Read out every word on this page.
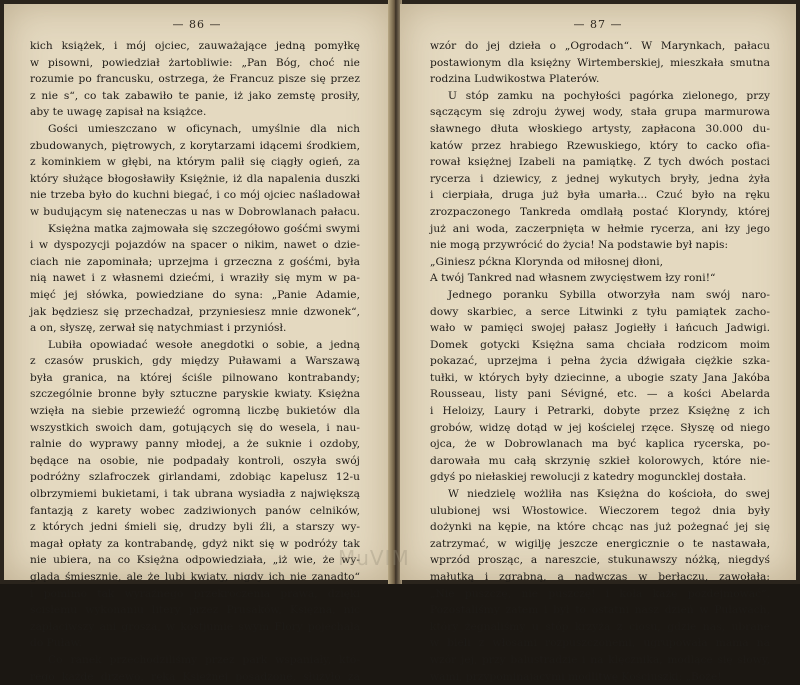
— 86 —
kich książek, i mój ojciec, zauważające jedną pomyłkę
w pisowni, powiedział żartobliwie: „Pan Bóg, choć nie
rozumie po francusku, ostrzega, że Francuz pisze się przez
z nie s“, co tak zabawiło te panie, iż jako zemstę prosiły,
aby te uwagę zapisał na książce.
Gości umieszczano w oficynach, umyślnie dla nich
zbudowanych, piętrowych, z korytarzami idącemi środkiem,
z kominkiem w głębi, na którym palił się ciągły ogień, za
który służące błogosławiły Księżnie, iż dla napalenia duszki
nie trzeba było do kuchni biegać, i co mój ojciec naśladował
w budującym się nateneczas u nas w Dobrowlanach pałacu.
Księżna matka zajmowała się szczegółowo gośćmi swymi
i w dyspozycji pojazdów na spacer o nikim, nawet o dzie-
ciach nie zapominała; uprzejma i grzeczna z gośćmi, była
nią nawet i z własnemi dziećmi, i wraziły się mym w pa-
mięć jej słówka, powiedziane do syna: „Panie Adamie,
jak będziesz się przechadzał, przyniesiesz mnie dzwonek“,
a on, słyszę, zerwał się natychmiast i przyniósł.
Lubiła opowiadać wesołe anegdotki o sobie, a jedną
z czasów pruskich, gdy między Puławami a Warszawą
była granica, na której ściśle pilnowano kontrabandy;
szczególnie bronne były sztuczne paryskie kwiaty. Księżna
wzięła na siebie przewieźć ogromną liczbę bukietów dla
wszystkich swoich dam, gotujących się do wesela, i nau-
ralnie do wyprawy panny młodej, a że suknie i ozdoby,
będące na osobie, nie podpadały kontroli, oszyła swój
podróżny szlafroczek girlandami, zdobiąc kapelusz 12-u
olbrzymiemi bukietami, i tak ubrana wysiadła z największą
fantazją z karety wobec zadziwionych panów celników,
z których jedni śmieli się, drudzy byli źli, a starszy wy-
magał opłaty za kontrabandę, gdyż nikt się w podróży tak
nie ubiera, na co Księżna odpowiedziała, „iż wie, że wy-
gląda śmiesznie, ale że lubi kwiaty, nigdy ich nie zanadto“
i pomimo tak wyraźnego przekroczenia prawa, dzięki
ścisłemu wykonaniu litery przez Prusaków, Księżna, nic
zapłaciwszy ani grosza, w kostjumie swym Flory pojechała
do Puław.
Co ranek przechodziliśmy przez park wspaniały, któ-
rego każde drzewo, ręką Księżnej posadzone, służyło za
— 87 —
wzór do jej dzieła o „Ogrodach“. W Marynkach, pałacu
postawionym dla księżny Wirtemberskiej, mieszkała smutna
rodzina Ludwikostwa Platerów.
U stóp zamku na pochyłości pagórka zielonego, przy
sączącym się zdroju żywej wody, stała grupa marmurowa
sławnego dłuta włoskiego artysty, zapłacona 30.000 du-
katów przez hrabiego Rzewuskiego, który to cacko ofia-
rował księżnej Izabeli na pamiątkę. Z tych dwóch postaci
rycerza i dziewicy, z jednej wykutych bryły, jedna żyła
i cierpiała, druga już była umarła... Czuć było na ręku
zrozpaczonego Tankreda omdlałą postać Kloryndy, której
już ani woda, zaczerpnięta w hełmie rycerza, ani łzy jego
nie mogą przywrócić do życia! Na podstawie był napis:
„Giniesz pćkna Klorynda od miłosnej dłoni,
A twój Tankred nad własnem zwycięstwem łzy roni!“
Jednego poranku Sybilla otworzyła nam swój naro-
dowy skarbiec, a serce Litwinki z tyłu pamiątek zacho-
wało w pamięci swojej pałasz Jogiełły i łańcuch Jadwigi.
Domek gotycki Księżna sama chciała rodzicom moim
pokazać, uprzejma i pełna życia dźwigała ciężkie szka-
tułki, w których były dziecinne, a ubogie szaty Jana Jakóba
Rousseau, listy pani Sévigné, etc. — a kości Abelarda
i Heloizy, Laury i Petrarki, dobyte przez Księżnę z ich
grobów, widzę dotąd w jej kościelej rzęce. Słyszę od niego
ojca, że w Dobrowlanach ma być kaplica rycerska, po-
darowała mu całą skrzynię szkieł kolorowych, które nie-
gdyś po niełaskiej rewolucji z katedry moguncklej dostała.
W niedzielę wożliła nas Księżna do kościoła, do swej
ulubionej wsi Włostowice. Wieczorem tegoż dnia były
dożynki na kępie, na które chcąc nas już pożegnać jej się
zatrzymać, w wigilję jeszcze energicznie o te nastawała,
wprzód prosząc, a nareszcie, stukunawszy nóżką, niegdyś
małutką i zgrabną, a nadwczas w berłaczu, zawołała:
„Nie puszczę, nie puszczę! i koła każę pozdejmować“.
Pozostaliśmy zatem i był to ostatni nasz dzień w Puławach,
który żegnaliśmy u stóp krzyża z ciosu, gdzie nas, ubrane
w bieli z włosami rozpuszczonemi, ugrupowała mama na
wzór jej, przy balustradzie i na klęcznika, modlące się słowy,
wami, przypominającymi modlitwę Kościuszki: „Boże!
MuVIM
